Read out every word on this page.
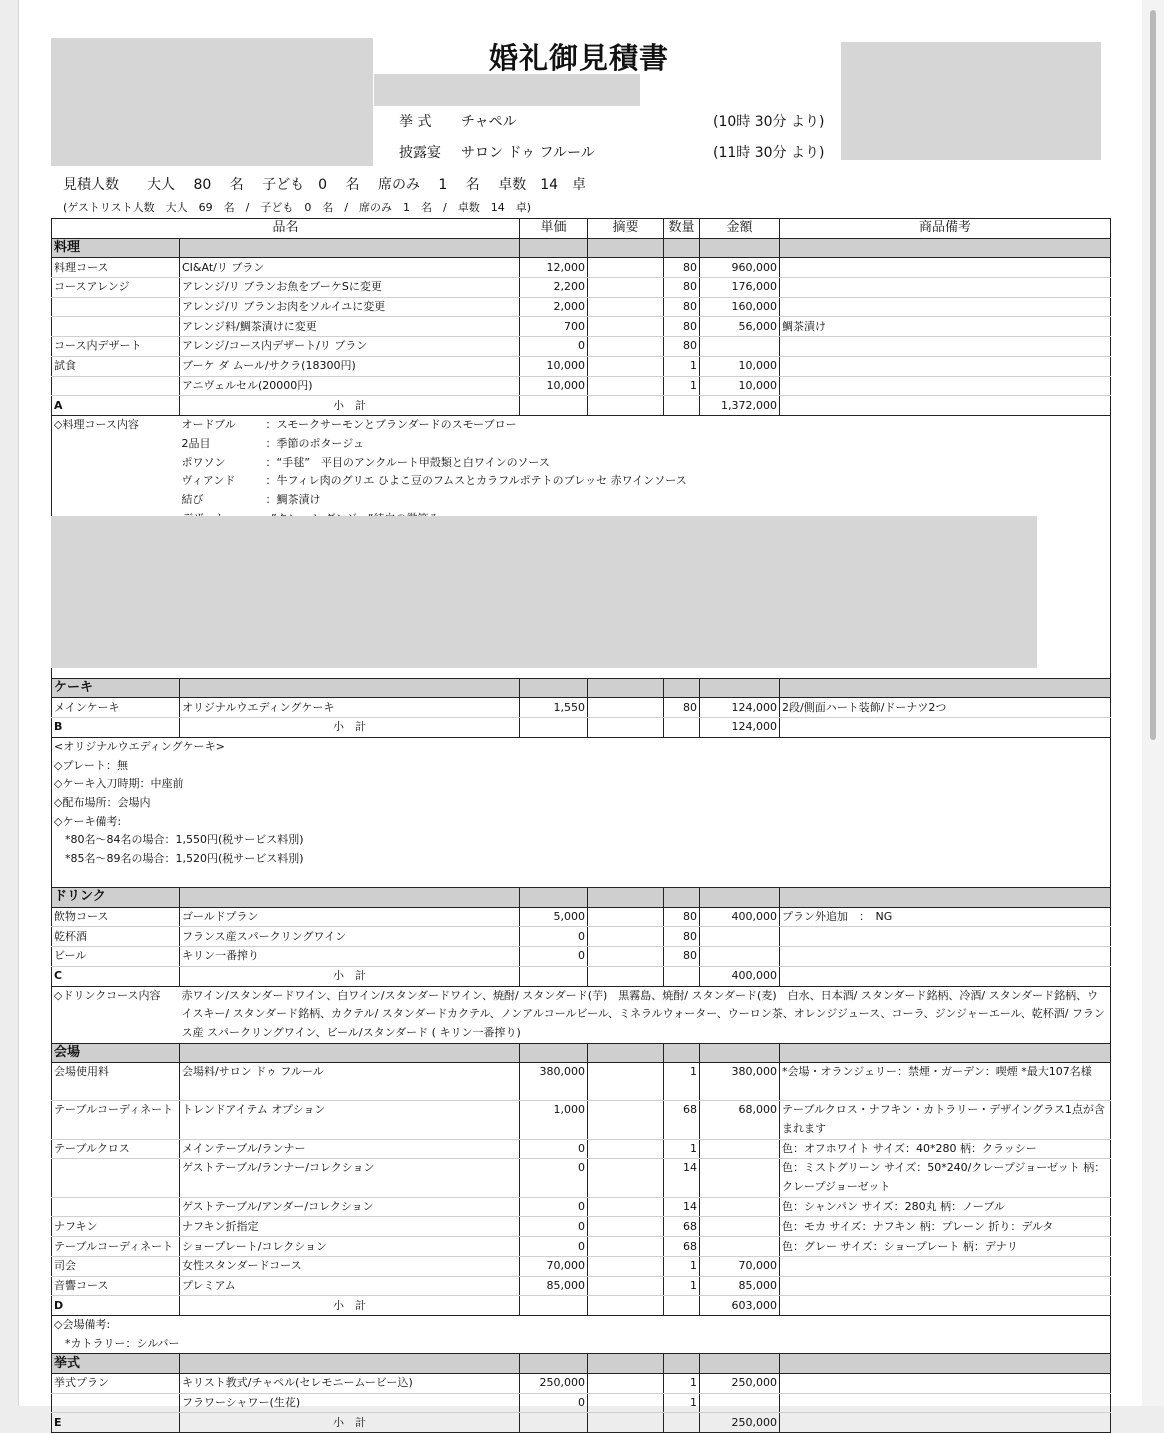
婚礼御見積書
挙 式 チャペル	(10時 30分 より)
披露宴 サロン ドゥ フルール	(11時 30分 より)
見積人数　　大人　 80　 名　 子ども　0　 名　 席のみ　 1　 名　 卓数　14　卓
(ゲストリスト人数　大人　69　名　/　子ども　0　名　/　席のみ　1　名　/　卓数　14　卓)
品名		単価	摘要	数量	金額	商品備考
料理						
料理コース	CI&At/リ ブラン	12,000		80	960,000	
コースアレンジ	アレンジ/リ ブランお魚をブーケSに変更	2,200		80	176,000	
	アレンジ/リ ブランお肉をソルイユに変更	2,000		80	160,000	
	アレンジ料/鯛茶漬けに変更	700		80	56,000	鯛茶漬け
コース内デザート	アレンジ/コース内デザート/リ ブラン	0		80		
試食	ブーケ ダ ムール/サクラ(18300円)	10,000		1	10,000	
	アニヴェルセル(20000円)	10,000		1	10,000	
A	小　計				1,372,000	
◇料理コース内容	オードブル ：スモークサーモンとブランダードのスモーブロー					
	2品目 ：季節のポタージュ					
	ポワソン ：“手毬”　平目のアンクルート甲殻類と白ワインのソース					
	ヴィアンド ：牛フィレ肉のグリエ ひよこ豆のフムスとカラフルポテトのブレッセ 赤ワインソース					
	結び ：鯛茶漬け					

ケーキ						
メインケーキ	オリジナルウエディングケーキ	1,550		80	124,000	2段/側面ハート装飾/ドーナツ2つ
B	小　計				124,000	
<オリジナルウエディングケーキ>						
◇プレート：無						
◇ケーキ入刀時期：中座前						
◇配布場所：会場内						
◇ケーキ備考:						
　*80名～84名の場合：1,550円(税サービス料別)						
　*85名～89名の場合：1,520円(税サービス料別)						

ドリンク						
飲物コース	ゴールドプラン	5,000		80	400,000	プラン外追加　：　NG
乾杯酒	フランス産スパークリングワイン	0		80		
ビール	キリン一番搾り	0		80		
C	小　計				400,000	
◇ドリンクコース内容	赤ワイン/スタンダードワイン、白ワイン/スタンダードワイン、焼酎/ スタンダード(芋)　黒霧島、焼酎/ スタンダード(麦)　白水、日本酒/ スタンダード銘柄、冷酒/ スタンダード銘柄、ウイスキー/ スタンダード銘柄、カクテル/ スタンダードカクテル、ノンアルコールビール、ミネラルウォーター、ウーロン茶、オレンジジュース、コーラ、ジンジャーエール、乾杯酒/ フランス産 スパークリングワイン、ビール/スタンダード ( キリン一番搾り)					
会場						
会場使用料	会場料/サロン ドゥ フルール	380,000		1	380,000	*会場・オランジェリー：禁煙・ガーデン：喫煙 *最大107名様
テーブルコーディネート	トレンドアイテム オプション	1,000		68	68,000	テーブルクロス・ナフキン・カトラリー・デザイングラス1点が含まれます
テーブルクロス	メインテーブル/ランナー	0		1		色：オフホワイト サイズ：40*280 柄：クラッシー
	ゲストテーブル/ランナー/コレクション	0		14		色：ミストグリーン サイズ：50*240/クレープジョーゼット 柄：クレープジョーゼット
	ゲストテーブル/アンダー/コレクション	0		14		色：シャンパン サイズ：280丸 柄：ノーブル
ナフキン	ナフキン折指定	0		68		色：モカ サイズ：ナフキン 柄：プレーン 折り：デルタ
テーブルコーディネート	ショープレート/コレクション	0		68		色：グレー サイズ：ショープレート 柄：デナリ
司会	女性スタンダードコース	70,000		1	70,000	
音響コース	プレミアム	85,000		1	85,000	
D	小　計				603,000	
◇会場備考:						
　*カトラリー：シルバー						
挙式						
挙式プラン	キリスト教式/チャペル(セレモニームービー込)	250,000		1	250,000	
	フラワーシャワー(生花)	0		1		
E	小　計				250,000	
